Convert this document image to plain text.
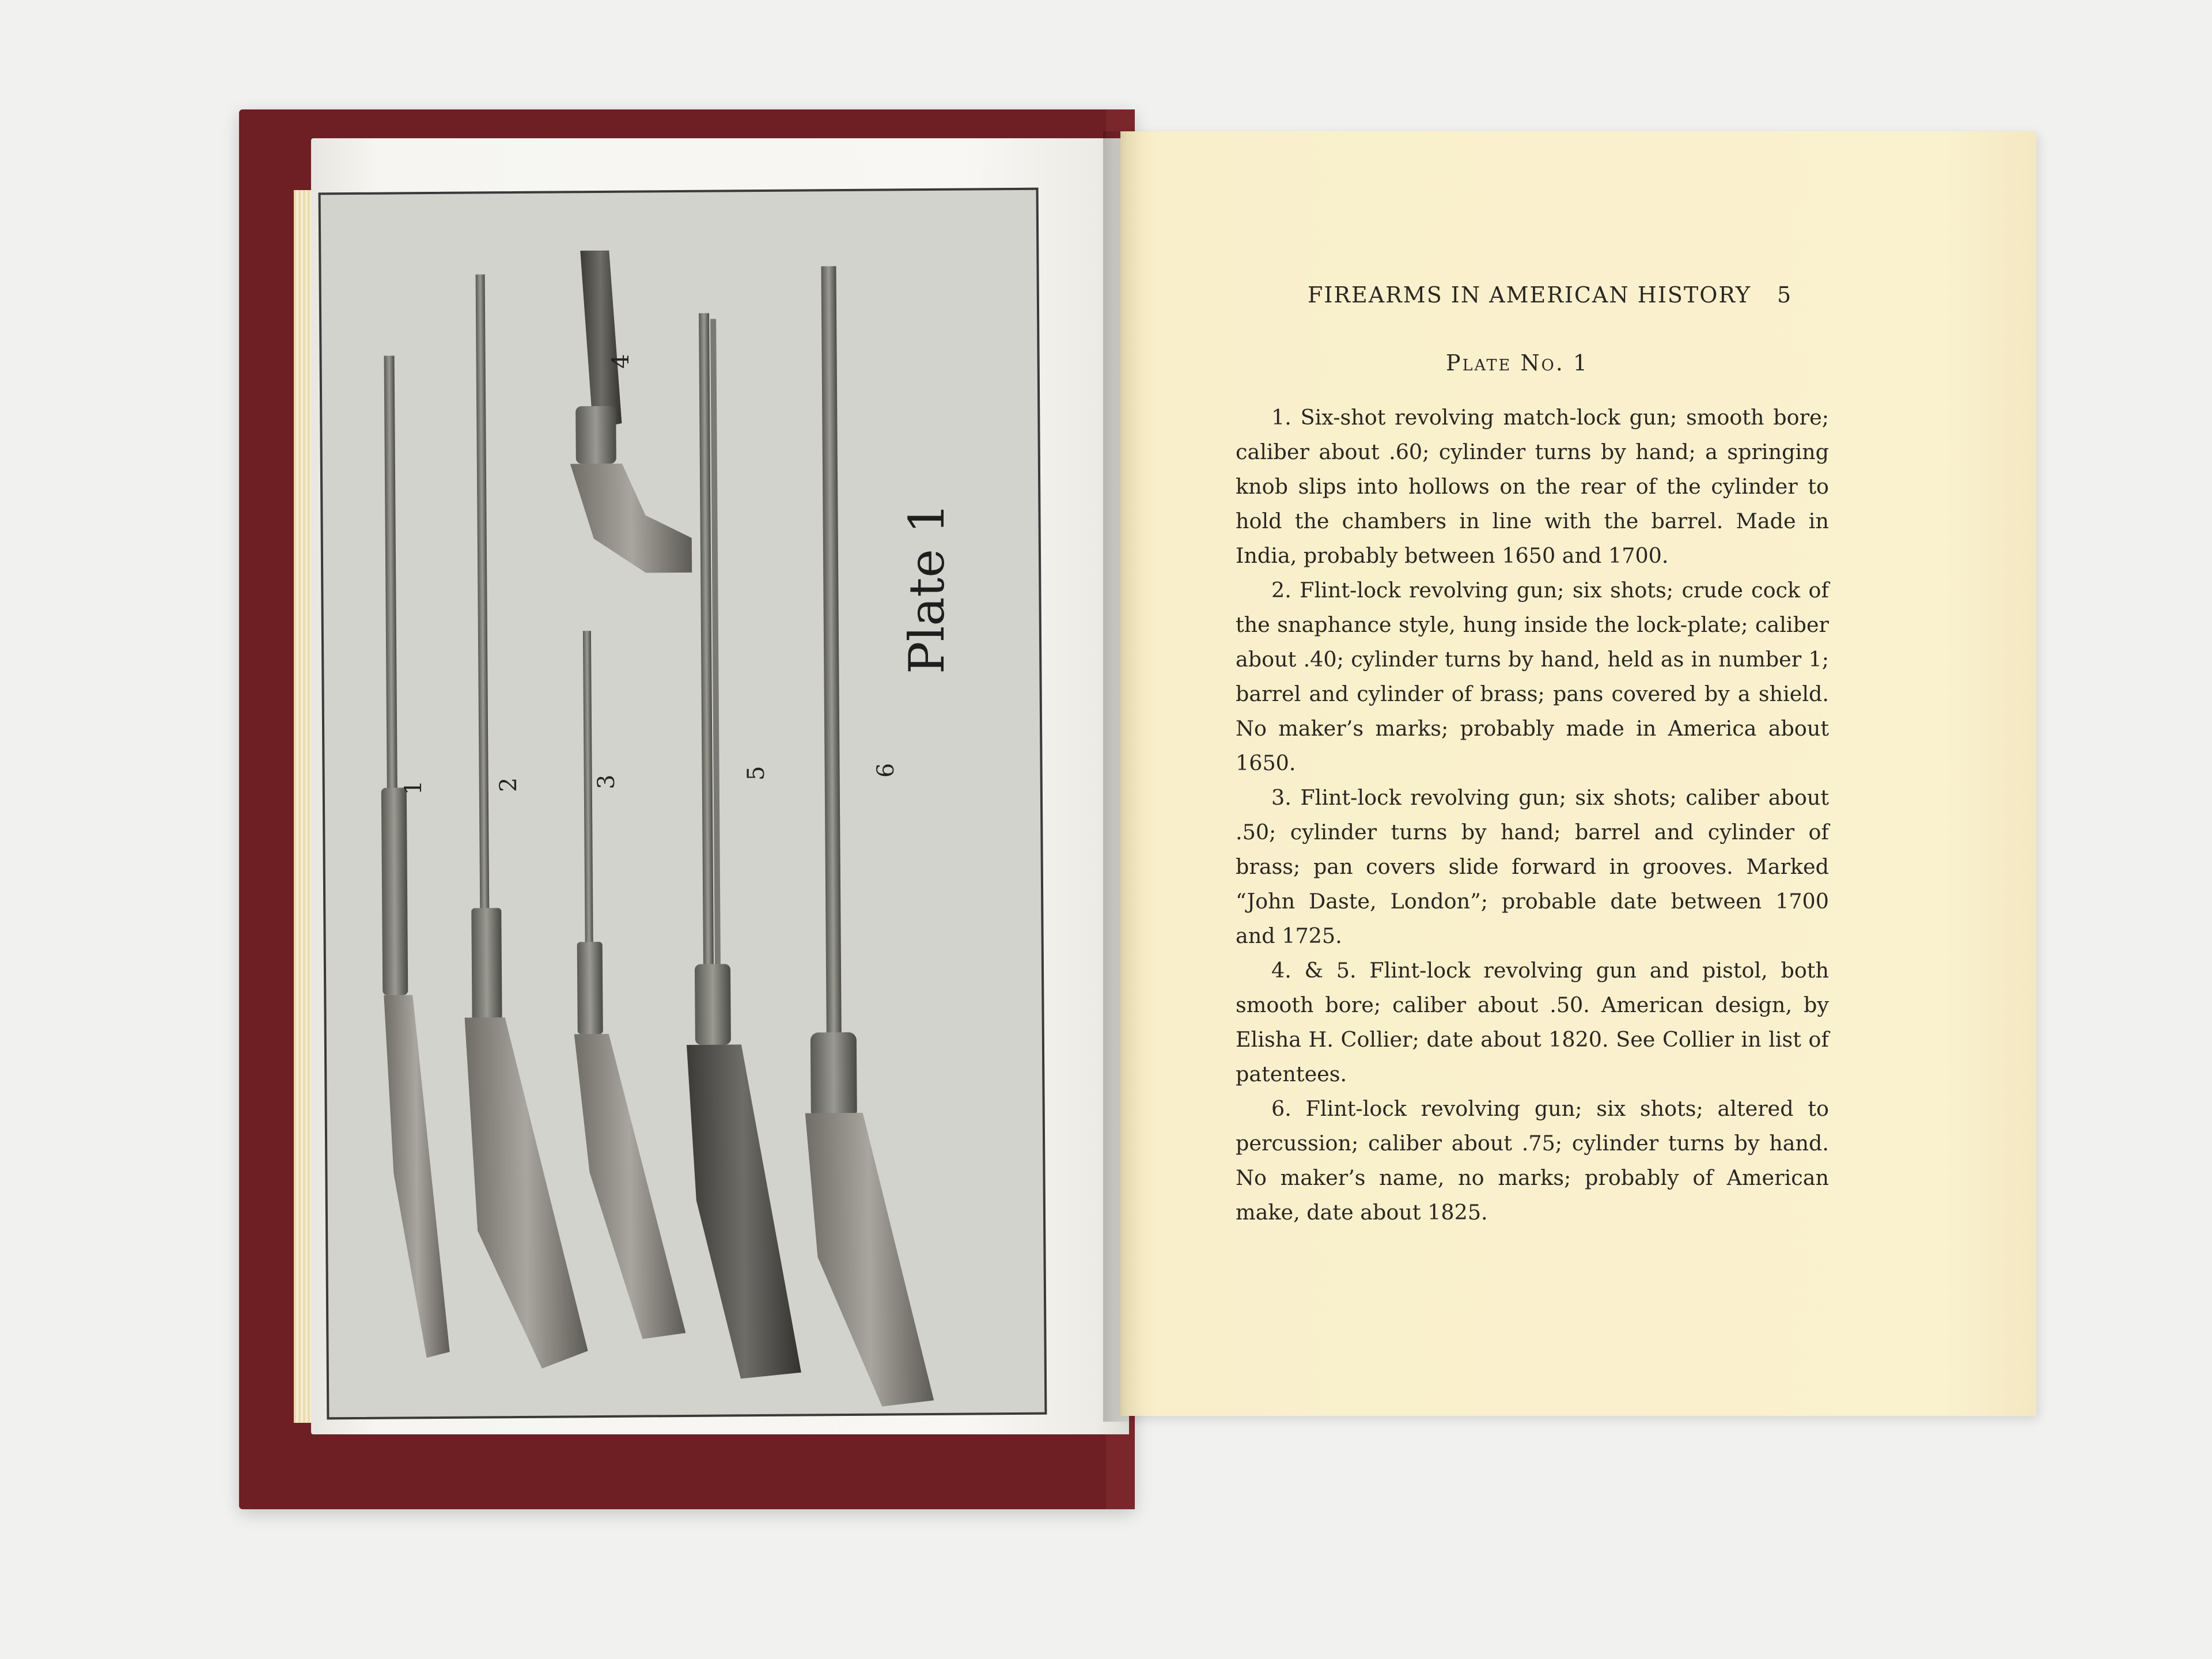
Plate 1
1	2	3
4
5	6
FIREARMS IN AMERICAN HISTORY	5
Plate No. 1

1. Six-shot revolving match-lock gun; smooth bore; caliber about .60; cylinder turns by hand; a springing knob slips into hollows on the rear of the cylinder to hold the chambers in line with the barrel. Made in India, probably between 1650 and 1700.

2. Flint-lock revolving gun; six shots; crude cock of the snaphance style, hung inside the lock-plate; caliber about .40; cylinder turns by hand, held as in number 1; barrel and cylinder of brass; pans covered by a shield. No maker’s marks; probably made in America about 1650.

3. Flint-lock revolving gun; six shots; caliber about .50; cylinder turns by hand; barrel and cylinder of brass; pan covers slide forward in grooves. Marked “John Daste, London”; probable date between 1700 and 1725.

4. & 5. Flint-lock revolving gun and pistol, both smooth bore; caliber about .50. American design, by Elisha H. Collier; date about 1820. See Collier in list of patentees.

6. Flint-lock revolving gun; six shots; altered to percussion; caliber about .75; cylinder turns by hand. No maker’s name, no marks; probably of American make, date about 1825.
